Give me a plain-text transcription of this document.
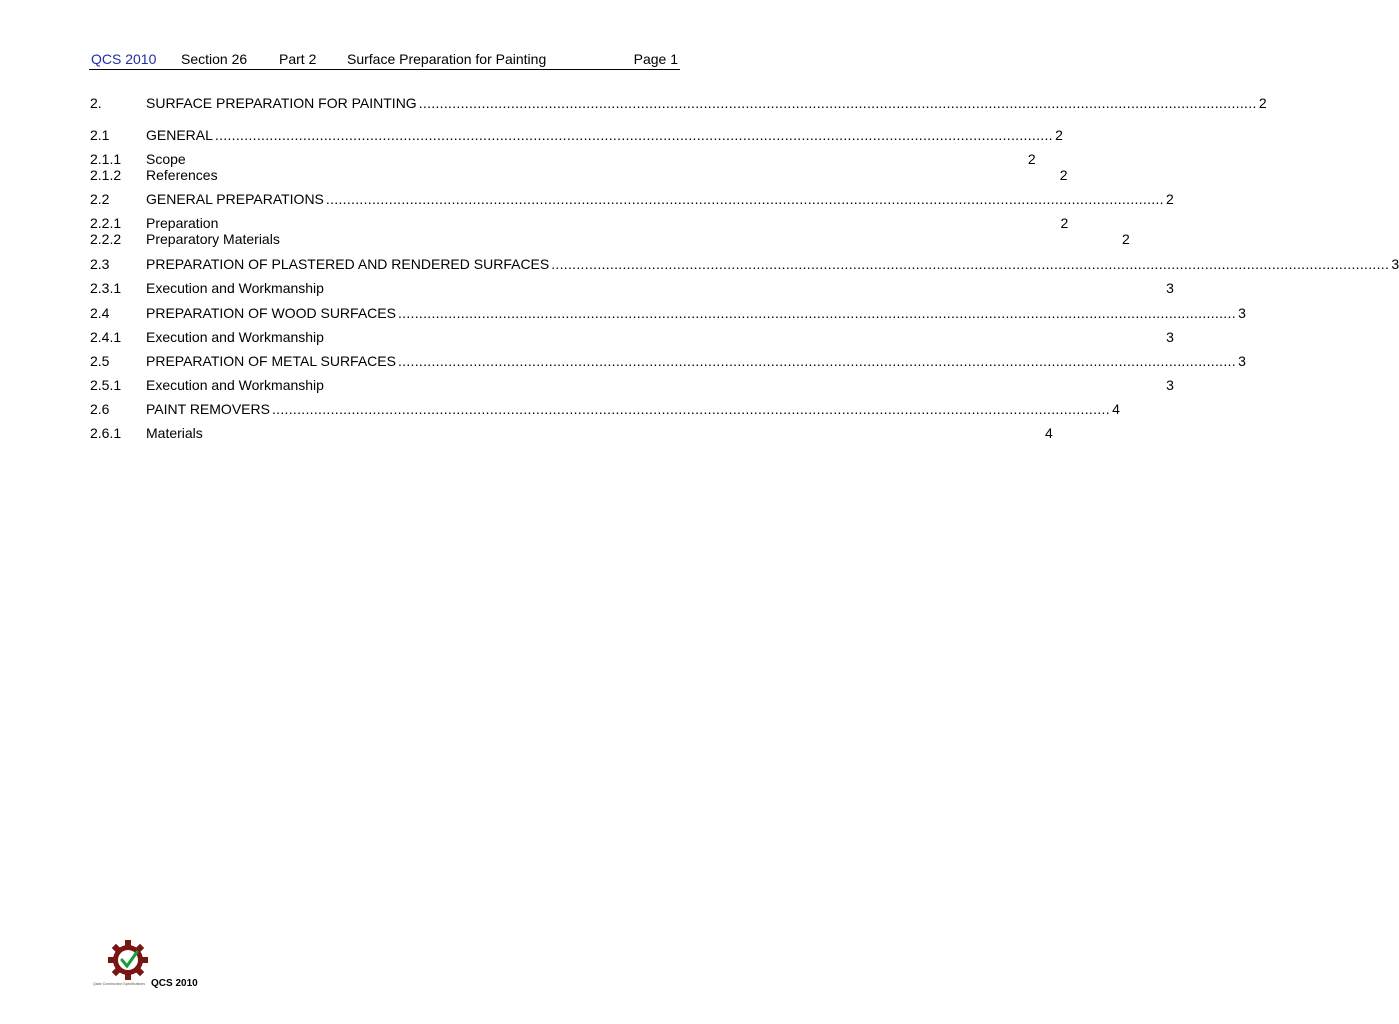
QCS 2010 Section 26 Part 2 Surface Preparation for Painting	Page 1
2.	SURFACE PREPARATION FOR PAINTING ........................................................................................................................................................................................................ 2
2.1	GENERAL ........................................................................................................................................................................................................ 2
2.1.1 Scope	2
2.1.2 References	2
2.2	GENERAL PREPARATIONS ........................................................................................................................................................................................................ 2
2.2.1 Preparation	2
2.2.2 Preparatory Materials	2
2.3	PREPARATION OF PLASTERED AND RENDERED SURFACES ........................................................................................................................................................................................................ 3
2.3.1 Execution and Workmanship	3
2.4	PREPARATION OF WOOD SURFACES ........................................................................................................................................................................................................ 3
2.4.1 Execution and Workmanship	3
2.5	PREPARATION OF METAL SURFACES ........................................................................................................................................................................................................ 3
2.5.1 Execution and Workmanship	3
2.6	PAINT REMOVERS ........................................................................................................................................................................................................ 4
2.6.1 Materials	4
Qatar Construction Specifications QCS 2010
